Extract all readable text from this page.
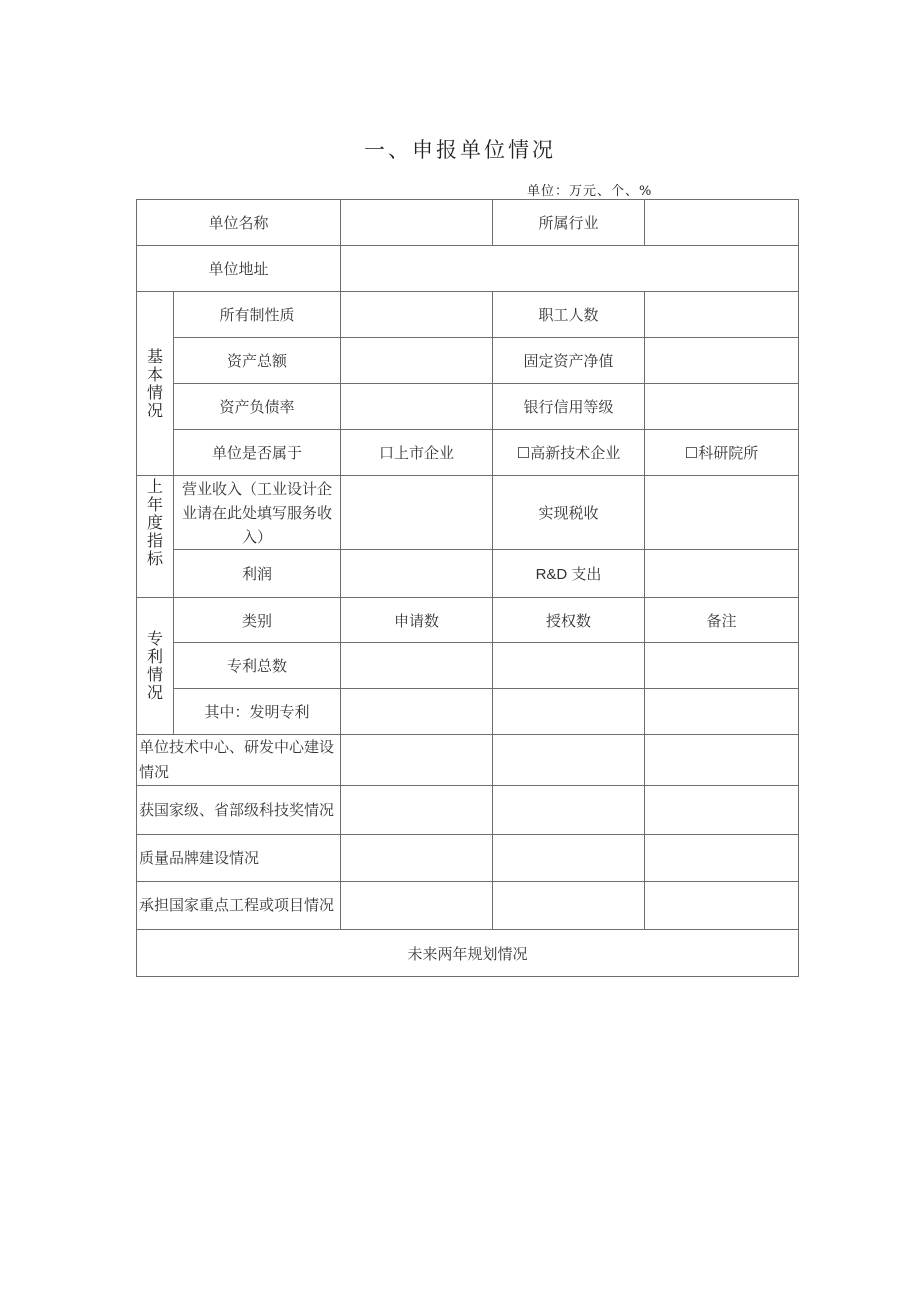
一、申报单位情况
单位：万元、个、%
单位名称			所属行业	
单位地址				

基本情况	所有制性质		职工人数	
	资产总额		固定资产净值	
	资产负债率		银行信用等级	
	单位是否属于	口上市企业	☐高新技术企业	☐科研院所

上年度指标	营业收入（工业设计企业请在此处填写服务收入）		实现税收	
	利润		R&D 支出	

专利情况	类别	申请数	授权数	备注
	专利总数			
	其中：发明专利			
单位技术中心、研发中心建设情况				
获国家级、省部级科技奖情况				
质量品牌建设情况				
承担国家重点工程或项目情况				
未来两年规划情况				
